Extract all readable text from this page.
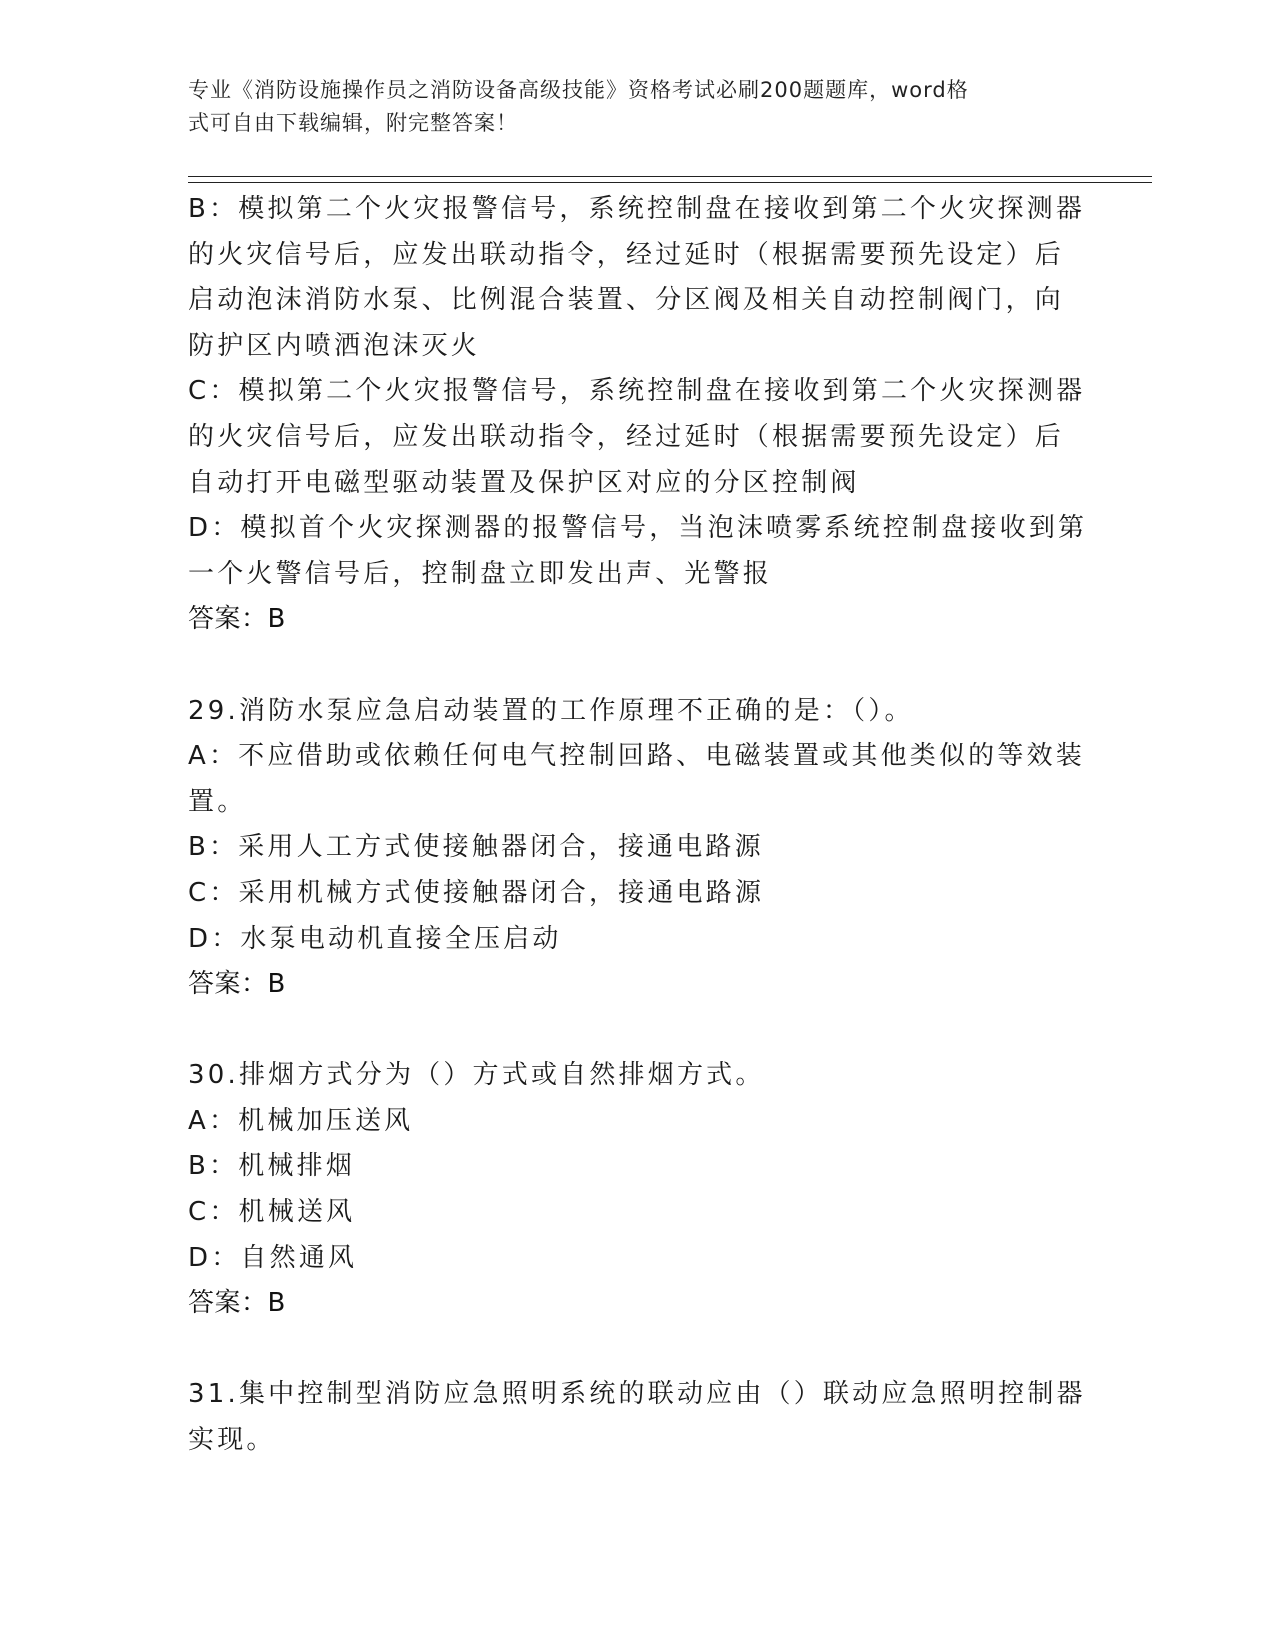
专业《消防设施操作员之消防设备高级技能》资格考试必刷200题题库，word格
式可自由下载编辑，附完整答案！
B：模拟第二个火灾报警信号，系统控制盘在接收到第二个火灾探测器
的火灾信号后，应发出联动指令，经过延时（根据需要预先设定）后
启动泡沫消防水泵、比例混合装置、分区阀及相关自动控制阀门，向
防护区内喷洒泡沫灭火
C：模拟第二个火灾报警信号，系统控制盘在接收到第二个火灾探测器
的火灾信号后，应发出联动指令，经过延时（根据需要预先设定）后
自动打开电磁型驱动装置及保护区对应的分区控制阀
D：模拟首个火灾探测器的报警信号，当泡沫喷雾系统控制盘接收到第
一个火警信号后，控制盘立即发出声、光警报
答案：B
29.消防水泵应急启动装置的工作原理不正确的是：（）。
A：不应借助或依赖任何电气控制回路、电磁装置或其他类似的等效装
置。
B：采用人工方式使接触器闭合，接通电路源
C：采用机械方式使接触器闭合，接通电路源
D：水泵电动机直接全压启动
答案：B
30.排烟方式分为（）方式或自然排烟方式。
A：机械加压送风
B：机械排烟
C：机械送风
D：自然通风
答案：B
31.集中控制型消防应急照明系统的联动应由（）联动应急照明控制器
实现。
